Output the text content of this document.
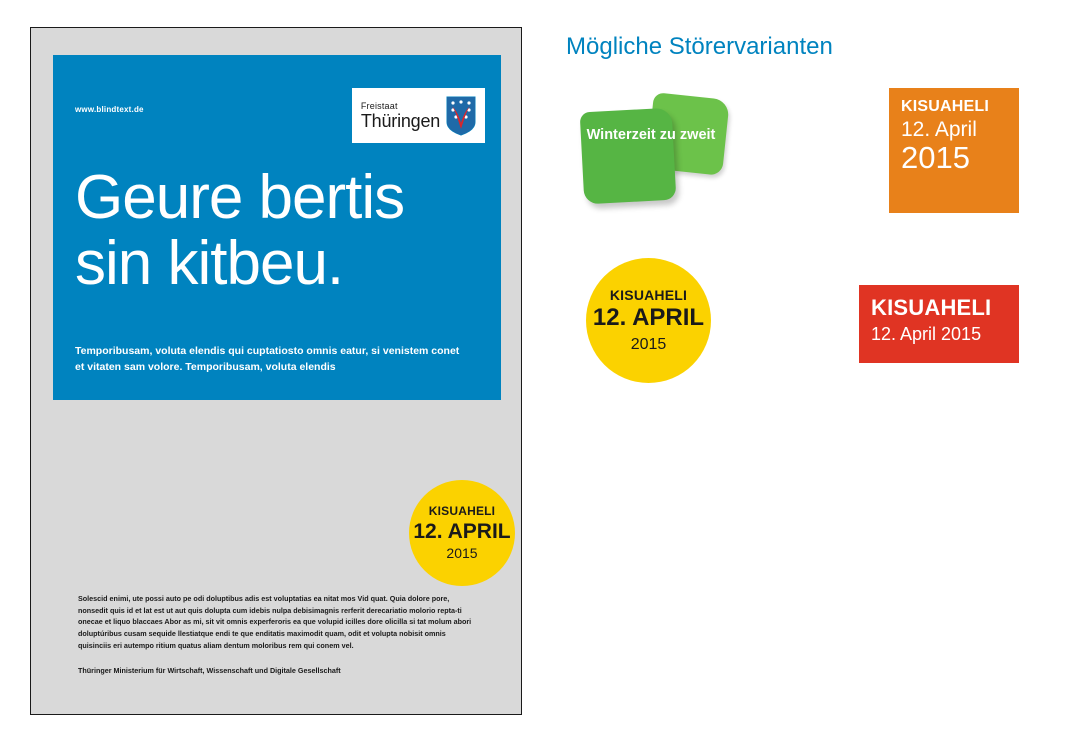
www.blindtext.de	Freistaat
Thüringen
Geure bertis sin kitbeu.
Temporibusam, voluta elendis qui cuptatiosto omnis eatur, si venistem conet et vitaten sam volore. Temporibusam, voluta elendis
KISUAHELI
12. APRIL
2015
Solescid enimi, ute possi auto pe odi doluptibus adis est voluptatias ea nitat mos Vid quat. Quia dolore pore, nonsedit quis id et lat est ut aut quis dolupta cum idebis nulpa debisimagnis rerferit derecariatio molorio repta-ti onecae et liquo blaccaes Abor as mi, sit vit omnis experferoris ea que volupid icilles dore olicilla si tat molum abori doluptúribus cusam sequide llestiatque endi te que enditatis maximodit quam, odit et volupta nobisit omnis quisinciis eri autempo ritium quatus aliam dentum moloribus rem qui conem vel.
Thüringer Ministerium für Wirtschaft, Wissenschaft und Digitale Gesellschaft
Mögliche Störervarianten
Winterzeit zu zweit
KISUAHELI
12. APRIL
2015
KISUAHELI
12. April
2015
KISUAHELI
12. April 2015
